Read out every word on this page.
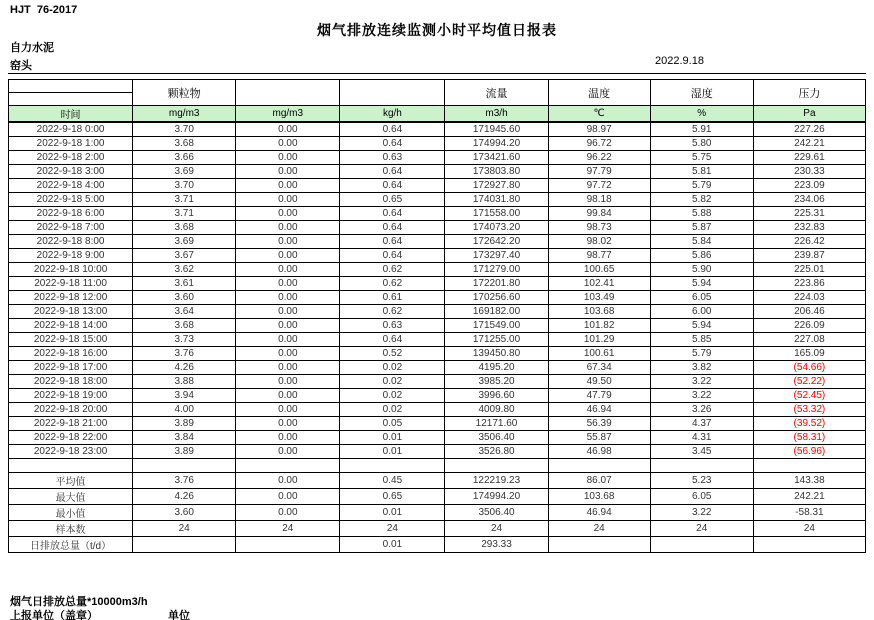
HJT  76-2017
烟气排放连续监测小时平均值日报表
自力水泥
窑头	2022.9.18
	颗粒物			流量	温度	湿度	压力

时间	mg/m3	mg/m3	kg/h	m3/h	℃	%	Pa
2022-9-18 0:00	3.70	0.00	0.64	171945.60	98.97	5.91	227.26
2022-9-18 1:00	3.68	0.00	0.64	174994.20	96.72	5.80	242.21
2022-9-18 2:00	3.66	0.00	0.63	173421.60	96.22	5.75	229.61
2022-9-18 3:00	3.69	0.00	0.64	173803.80	97.79	5.81	230.33
2022-9-18 4:00	3.70	0.00	0.64	172927.80	97.72	5.79	223.09
2022-9-18 5:00	3.71	0.00	0.65	174031.80	98.18	5.82	234.06
2022-9-18 6:00	3.71	0.00	0.64	171558.00	99.84	5.88	225.31
2022-9-18 7:00	3.68	0.00	0.64	174073.20	98.73	5.87	232.83
2022-9-18 8:00	3.69	0.00	0.64	172642.20	98.02	5.84	226.42
2022-9-18 9:00	3.67	0.00	0.64	173297.40	98.77	5.86	239.87
2022-9-18 10:00	3.62	0.00	0.62	171279.00	100.65	5.90	225.01
2022-9-18 11:00	3.61	0.00	0.62	172201.80	102.41	5.94	223.86
2022-9-18 12:00	3.60	0.00	0.61	170256.60	103.49	6.05	224.03
2022-9-18 13:00	3.64	0.00	0.62	169182.00	103.68	6.00	206.46
2022-9-18 14:00	3.68	0.00	0.63	171549.00	101.82	5.94	226.09
2022-9-18 15:00	3.73	0.00	0.64	171255.00	101.29	5.85	227.08
2022-9-18 16:00	3.76	0.00	0.52	139450.80	100.61	5.79	165.09
2022-9-18 17:00	4.26	0.00	0.02	4195.20	67.34	3.82	(54.66)
2022-9-18 18:00	3.88	0.00	0.02	3985.20	49.50	3.22	(52.22)
2022-9-18 19:00	3.94	0.00	0.02	3996.60	47.79	3.22	(52.45)
2022-9-18 20:00	4.00	0.00	0.02	4009.80	46.94	3.26	(53.32)
2022-9-18 21:00	3.89	0.00	0.05	12171.60	56.39	4.37	(39.52)
2022-9-18 22:00	3.84	0.00	0.01	3506.40	55.87	4.31	(58.31)
2022-9-18 23:00	3.89	0.00	0.01	3526.80	46.98	3.45	(56.96)

平均值	3.76	0.00	0.45	122219.23	86.07	5.23	143.38
最大值	4.26	0.00	0.65	174994.20	103.68	6.05	242.21
最小值	3.60	0.00	0.01	3506.40	46.94	3.22	-58.31
样本数	24	24	24	24	24	24	24
日排放总量（t/d）			0.01	293.33			
烟气日排放总量*10000m3/h
上报单位（盖章）	单位
